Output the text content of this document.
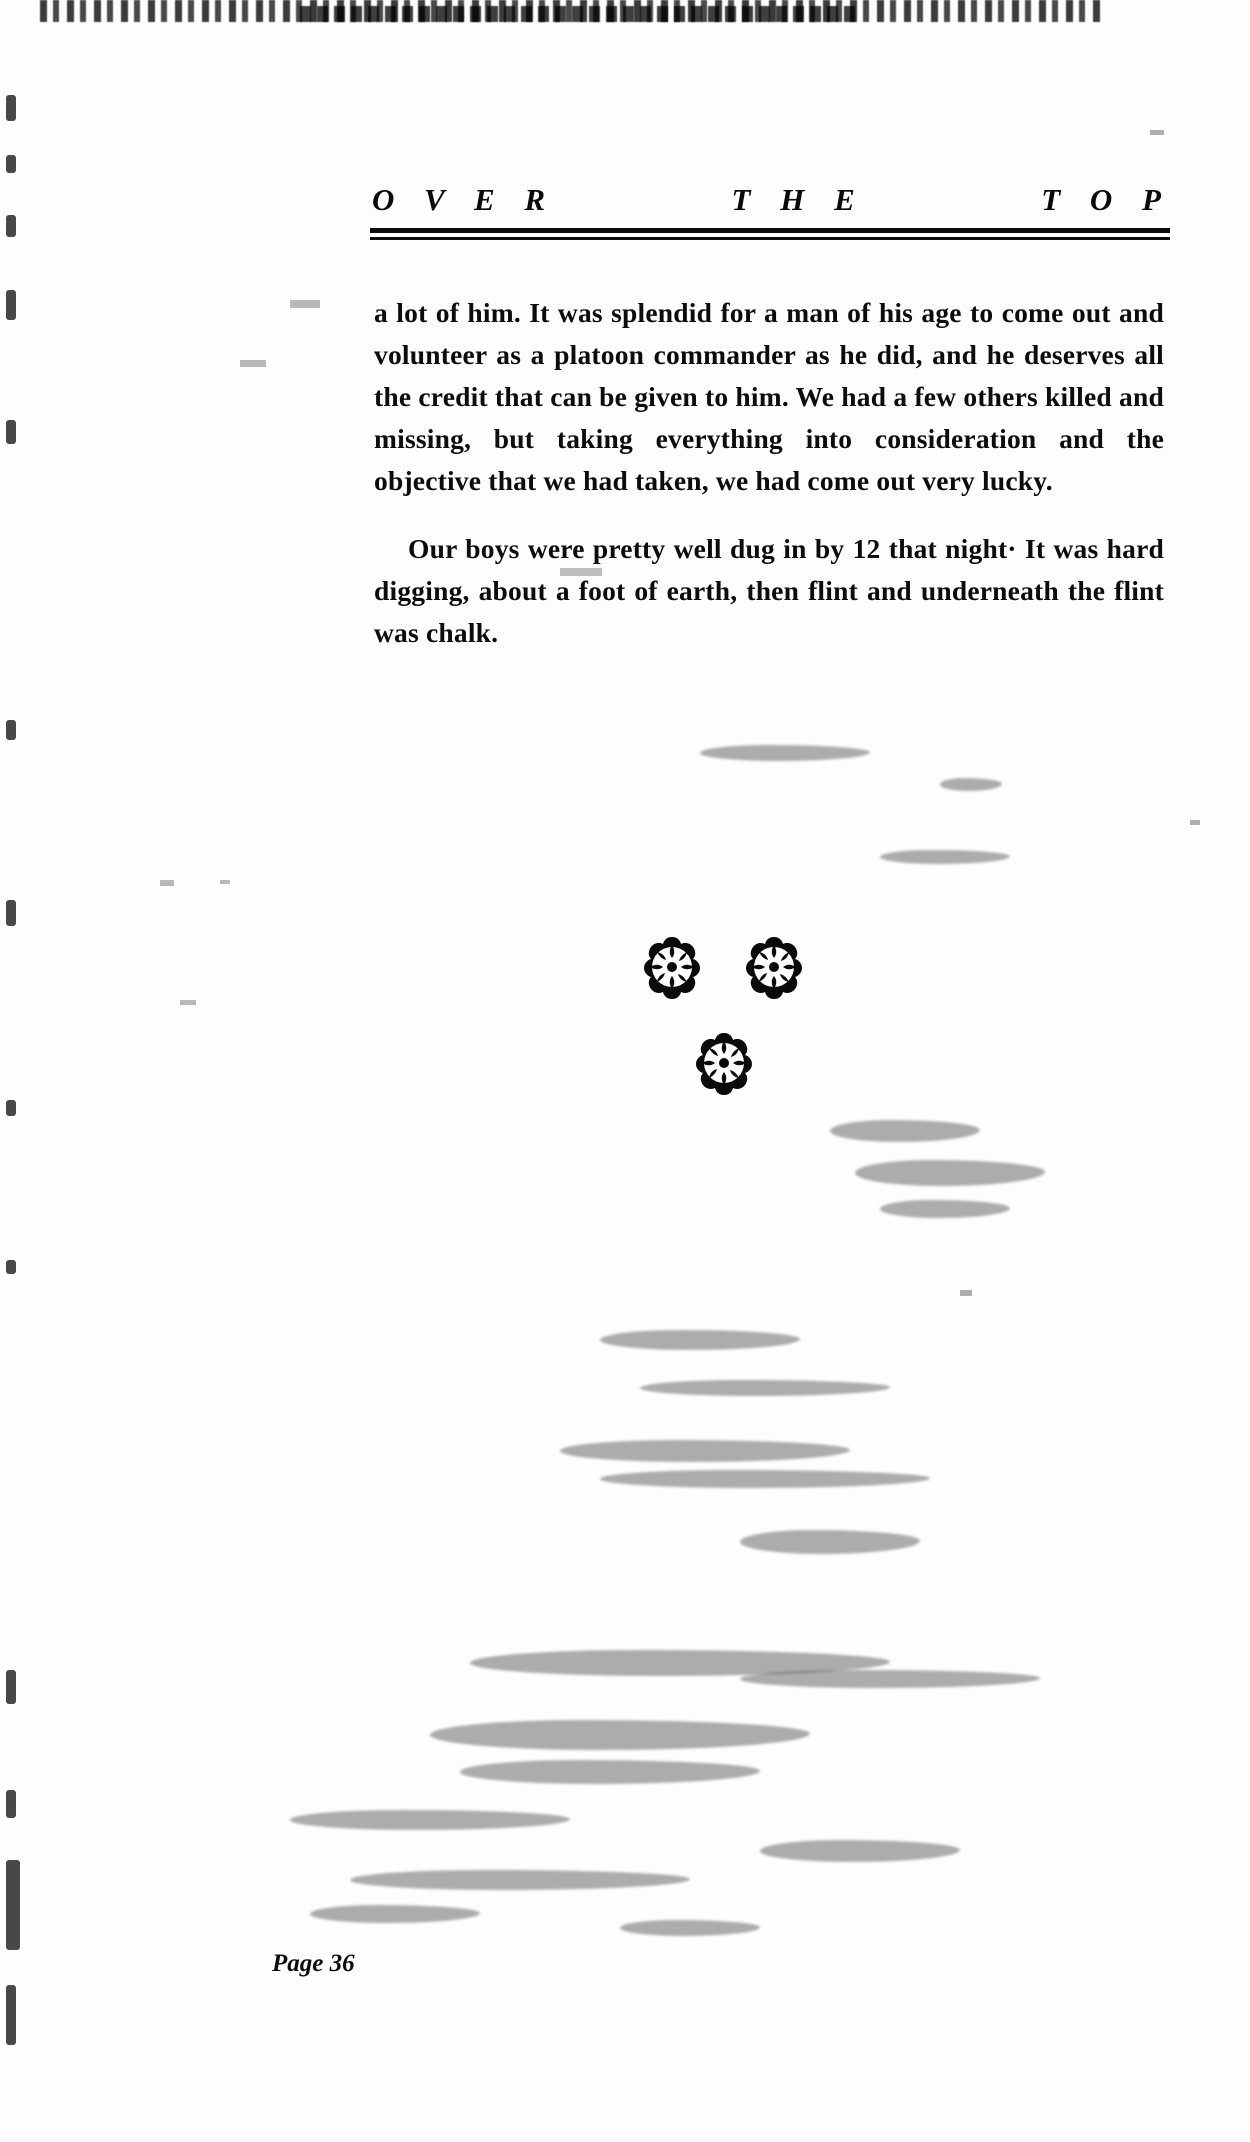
O V E R	T H E	T O P

a lot of him. It was splendid for a man of his age to come out and volunteer as a platoon commander as he did, and he deserves all the credit that can be given to him. We had a few others killed and missing, but taking everything into consideration and the objective that we had taken, we had come out very lucky.

Our boys were pretty well dug in by 12 that night· It was hard digging, about a foot of earth, then flint and underneath the flint was chalk.

Page 36
